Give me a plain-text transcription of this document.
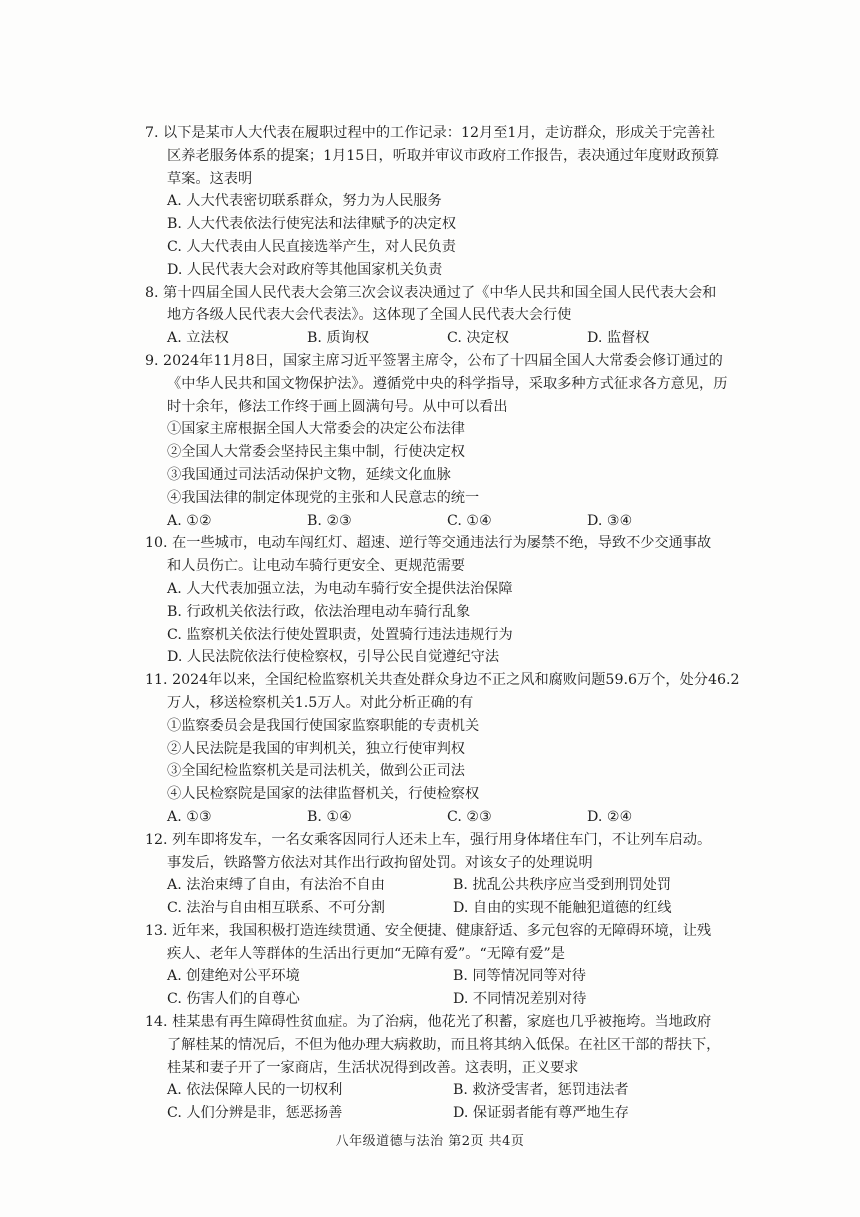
7. 以下是某市人大代表在履职过程中的工作记录：12月至1月，走访群众，形成关于完善社
区养老服务体系的提案；1月15日，听取并审议市政府工作报告，表决通过年度财政预算
草案。这表明
A. 人大代表密切联系群众，努力为人民服务
B. 人大代表依法行使宪法和法律赋予的决定权
C. 人大代表由人民直接选举产生，对人民负责
D. 人民代表大会对政府等其他国家机关负责
8. 第十四届全国人民代表大会第三次会议表决通过了《中华人民共和国全国人民代表大会和
地方各级人民代表大会代表法》。这体现了全国人民代表大会行使
A. 立法权	B. 质询权	C. 决定权	D. 监督权
9. 2024年11月8日，国家主席习近平签署主席令，公布了十四届全国人大常委会修订通过的
《中华人民共和国文物保护法》。遵循党中央的科学指导，采取多种方式征求各方意见，历
时十余年，修法工作终于画上圆满句号。从中可以看出
①国家主席根据全国人大常委会的决定公布法律
②全国人大常委会坚持民主集中制，行使决定权
③我国通过司法活动保护文物，延续文化血脉
④我国法律的制定体现党的主张和人民意志的统一
A. ①②	B. ②③	C. ①④	D. ③④
10. 在一些城市，电动车闯红灯、超速、逆行等交通违法行为屡禁不绝，导致不少交通事故
和人员伤亡。让电动车骑行更安全、更规范需要
A. 人大代表加强立法，为电动车骑行安全提供法治保障
B. 行政机关依法行政，依法治理电动车骑行乱象
C. 监察机关依法行使处置职责，处置骑行违法违规行为
D. 人民法院依法行使检察权，引导公民自觉遵纪守法
11. 2024年以来，全国纪检监察机关共查处群众身边不正之风和腐败问题59.6万个，处分46.2
万人，移送检察机关1.5万人。对此分析正确的有
①监察委员会是我国行使国家监察职能的专责机关
②人民法院是我国的审判机关，独立行使审判权
③全国纪检监察机关是司法机关，做到公正司法
④人民检察院是国家的法律监督机关，行使检察权
A. ①③	B. ①④	C. ②③	D. ②④
12. 列车即将发车，一名女乘客因同行人还未上车，强行用身体堵住车门，不让列车启动。
事发后，铁路警方依法对其作出行政拘留处罚。对该女子的处理说明
A. 法治束缚了自由，有法治不自由	B. 扰乱公共秩序应当受到刑罚处罚
C. 法治与自由相互联系、不可分割	D. 自由的实现不能触犯道德的红线
13. 近年来，我国积极打造连续贯通、安全便捷、健康舒适、多元包容的无障碍环境，让残
疾人、老年人等群体的生活出行更加“无障有爱”。“无障有爱”是
A. 创建绝对公平环境	B. 同等情况同等对待
C. 伤害人们的自尊心	D. 不同情况差别对待
14. 桂某患有再生障碍性贫血症。为了治病，他花光了积蓄，家庭也几乎被拖垮。当地政府
了解桂某的情况后，不但为他办理大病救助，而且将其纳入低保。在社区干部的帮扶下，
桂某和妻子开了一家商店，生活状况得到改善。这表明，正义要求
A. 依法保障人民的一切权利	B. 救济受害者，惩罚违法者
C. 人们分辨是非，惩恶扬善	D. 保证弱者能有尊严地生存
八年级道德与法治 第2页 共4页
